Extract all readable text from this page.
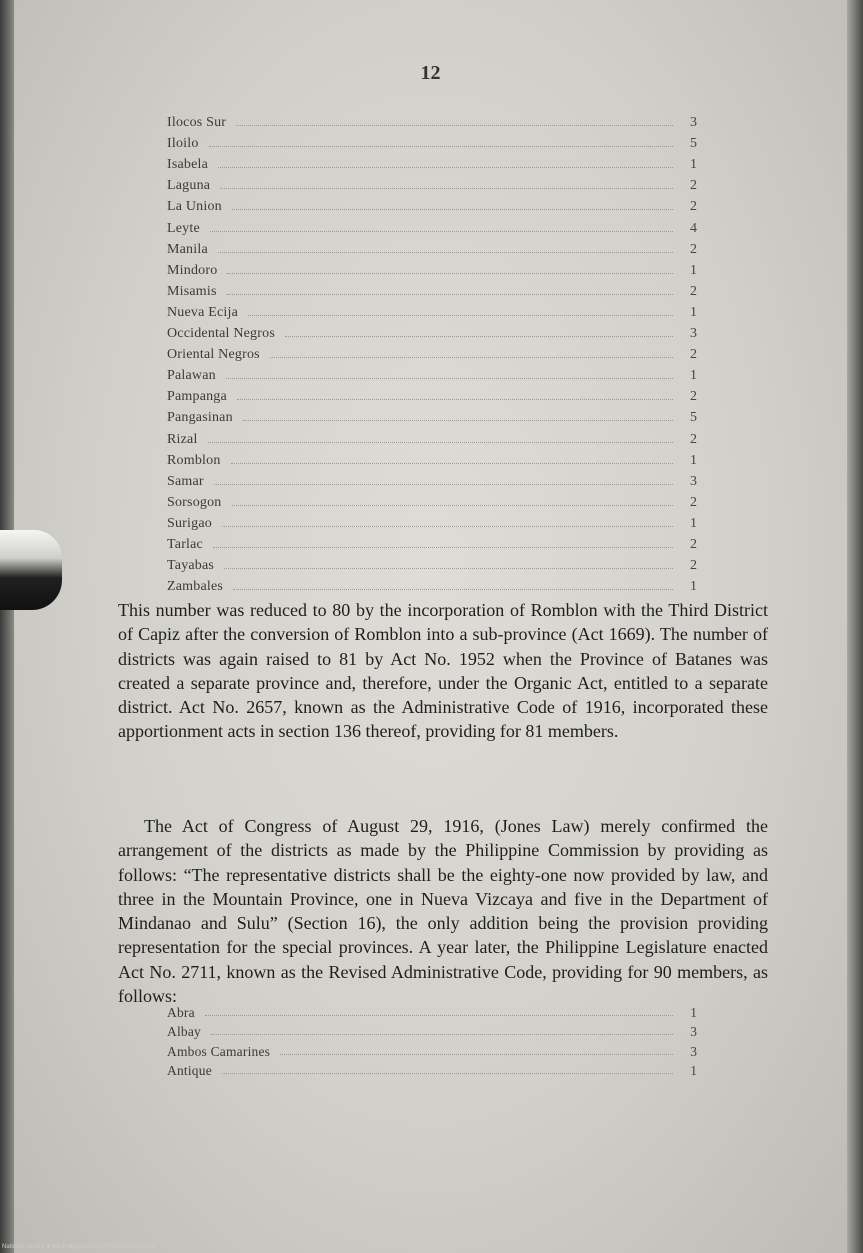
12
Ilocos Sur	3
Iloilo	5
Isabela	1
Laguna	2
La Union	2
Leyte	4
Manila	2
Mindoro	1
Misamis	2
Nueva Ecija	1
Occidental Negros	3
Oriental Negros	2
Palawan	1
Pampanga	2
Pangasinan	5
Rizal	2
Romblon	1
Samar	3
Sorsogon	2
Surigao	1
Tarlac	2
Tayabas	2
Zambales	1

This number was reduced to 80 by the incorporation of Romblon with the Third District of Capiz after the conversion of Romblon into a sub-province (Act 1669). The number of districts was again raised to 81 by Act No. 1952 when the Province of Batanes was created a separate province and, therefore, under the Organic Act, entitled to a separate district. Act No. 2657, known as the Administrative Code of 1916, incorporated these apportionment acts in section 136 thereof, providing for 81 members.

The Act of Congress of August 29, 1916, (Jones Law) merely confirmed the arrangement of the districts as made by the Philippine Commission by providing as follows: “The representative districts shall be the eighty-one now provided by law, and three in the Mountain Province, one in Nueva Vizcaya and five in the Department of Mindanao and Sulu” (Section 16), the only addition being the provision providing representation for the special provinces. A year later, the Philippine Legislature enacted Act No. 2711, known as the Revised Administrative Code, providing for 90 members, as follows:

Abra	1
Albay	3
Ambos Camarines	3
Antique	1
National Library of the Philippines D12SP0001499600031
